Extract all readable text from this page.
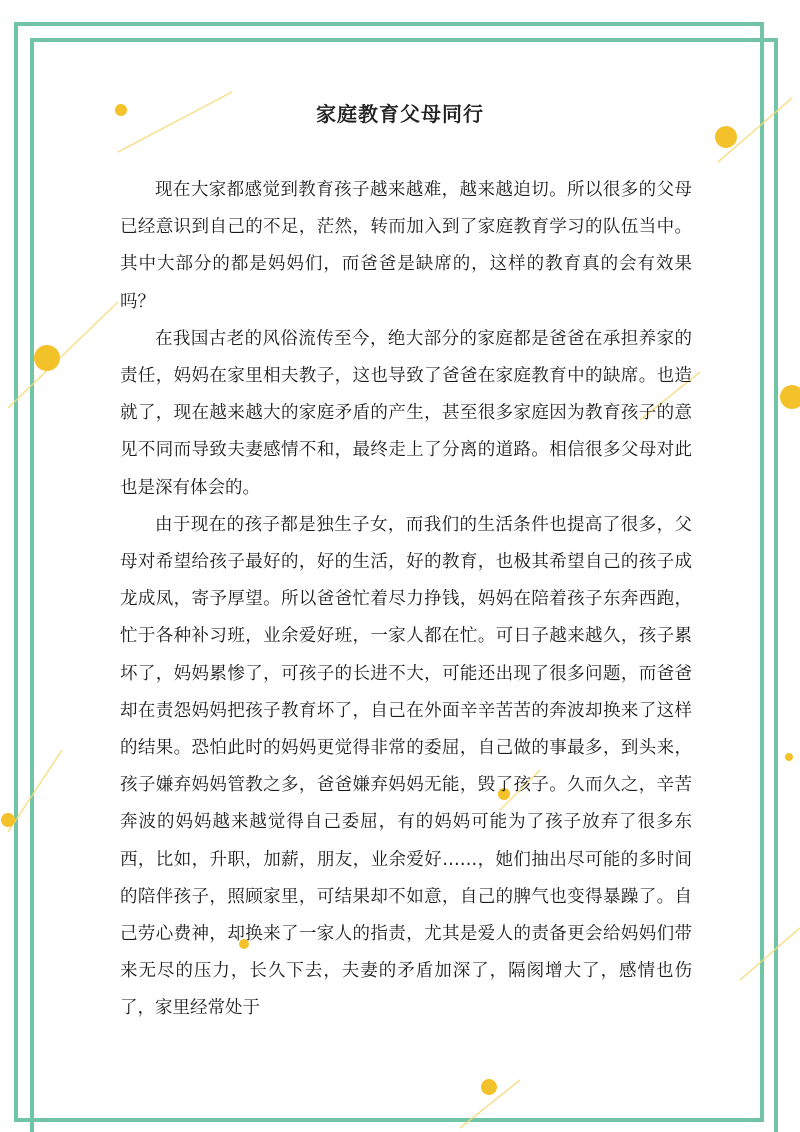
家庭教育父母同行

现在大家都感觉到教育孩子越来越难，越来越迫切。所以很多的父母已经意识到自己的不足，茫然，转而加入到了家庭教育学习的队伍当中。其中大部分的都是妈妈们，而爸爸是缺席的，这样的教育真的会有效果吗？

在我国古老的风俗流传至今，绝大部分的家庭都是爸爸在承担养家的责任，妈妈在家里相夫教子，这也导致了爸爸在家庭教育中的缺席。也造就了，现在越来越大的家庭矛盾的产生，甚至很多家庭因为教育孩子的意见不同而导致夫妻感情不和，最终走上了分离的道路。相信很多父母对此也是深有体会的。

由于现在的孩子都是独生子女，而我们的生活条件也提高了很多，父母对希望给孩子最好的，好的生活，好的教育，也极其希望自己的孩子成龙成凤，寄予厚望。所以爸爸忙着尽力挣钱，妈妈在陪着孩子东奔西跑，忙于各种补习班，业余爱好班，一家人都在忙。可日子越来越久，孩子累坏了，妈妈累惨了，可孩子的长进不大，可能还出现了很多问题，而爸爸却在责怨妈妈把孩子教育坏了，自己在外面辛辛苦苦的奔波却换来了这样的结果。恐怕此时的妈妈更觉得非常的委屈，自己做的事最多，到头来，孩子嫌弃妈妈管教之多，爸爸嫌弃妈妈无能，毁了孩子。久而久之，辛苦奔波的妈妈越来越觉得自己委屈，有的妈妈可能为了孩子放弃了很多东西，比如，升职，加薪，朋友，业余爱好……，她们抽出尽可能的多时间的陪伴孩子，照顾家里，可结果却不如意，自己的脾气也变得暴躁了。自己劳心费神，却换来了一家人的指责，尤其是爱人的责备更会给妈妈们带来无尽的压力，长久下去，夫妻的矛盾加深了，隔阂增大了，感情也伤了，家里经常处于
